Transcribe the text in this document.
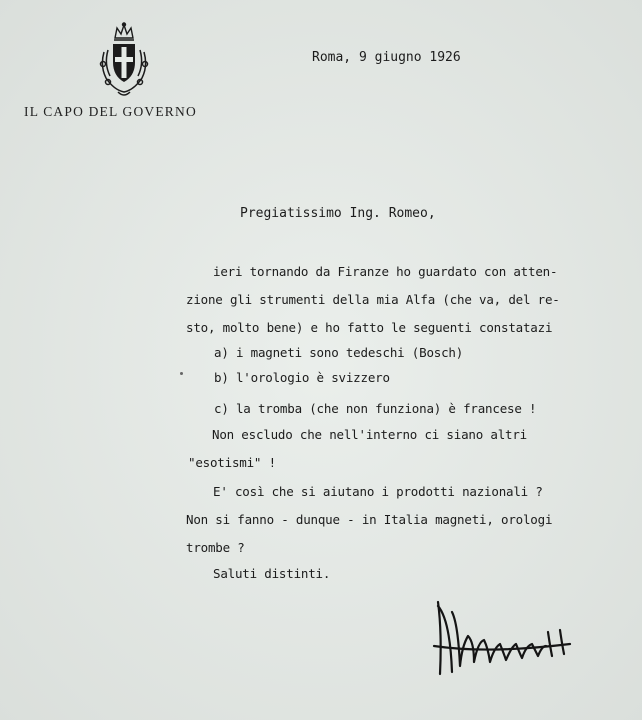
IL CAPO DEL GOVERNO
Roma, 9 giugno 1926
Pregiatissimo Ing. Romeo,
ieri tornando da Firanze ho guardato con atten-
zione gli strumenti della mia Alfa (che va, del re-
sto, molto bene) e ho fatto le seguenti constatazi
a) i magneti sono tedeschi (Bosch)
b) l'orologio è svizzero
c) la tromba (che non funziona) è francese !
Non escludo che nell'interno ci siano altri
"esotismi" !
E' così che si aiutano i prodotti nazionali ?
Non si fanno - dunque - in Italia magneti, orologi
trombe ?
Saluti distinti.
